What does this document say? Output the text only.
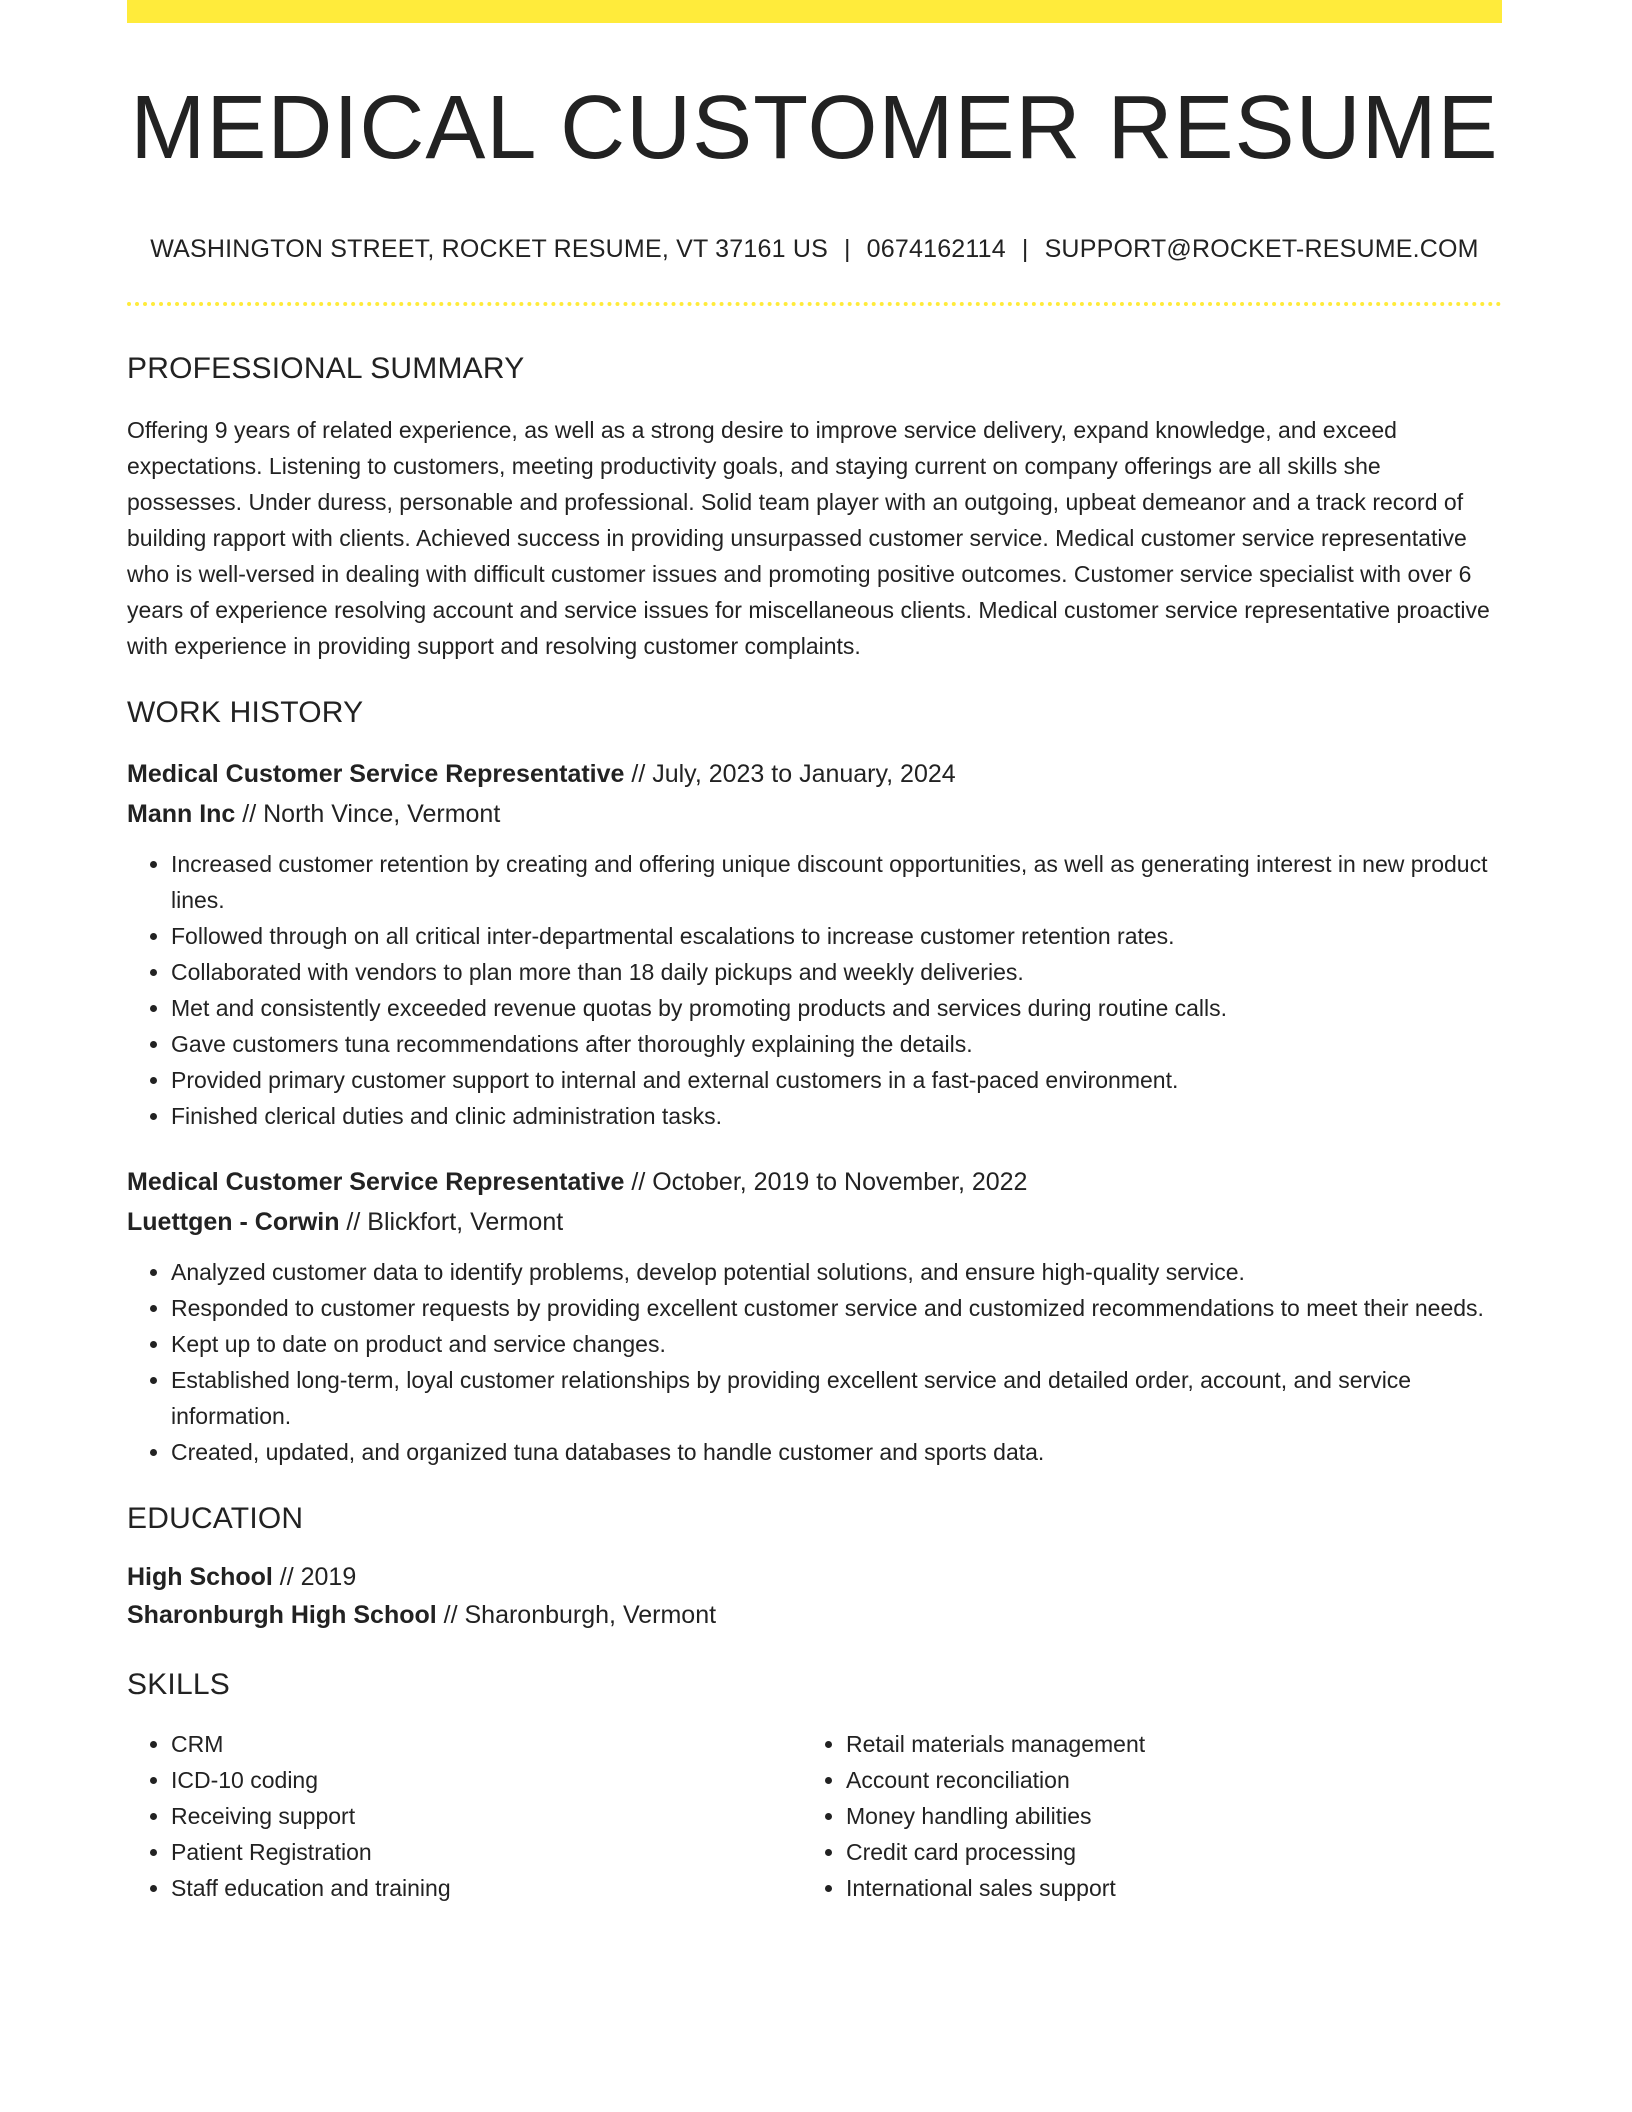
MEDICAL CUSTOMER RESUME
WASHINGTON STREET, ROCKET RESUME, VT 37161 US | 0674162114 | SUPPORT@ROCKET-RESUME.COM
PROFESSIONAL SUMMARY
Offering 9 years of related experience, as well as a strong desire to improve service delivery, expand knowledge, and exceed expectations. Listening to customers, meeting productivity goals, and staying current on company offerings are all skills she possesses. Under duress, personable and professional. Solid team player with an outgoing, upbeat demeanor and a track record of building rapport with clients. Achieved success in providing unsurpassed customer service. Medical customer service representative who is well-versed in dealing with difficult customer issues and promoting positive outcomes. Customer service specialist with over 6 years of experience resolving account and service issues for miscellaneous clients. Medical customer service representative proactive with experience in providing support and resolving customer complaints.
WORK HISTORY
Medical Customer Service Representative // July, 2023 to January, 2024
Mann Inc // North Vince, Vermont
• Increased customer retention by creating and offering unique discount opportunities, as well as generating interest in new product lines.
• Followed through on all critical inter-departmental escalations to increase customer retention rates.
• Collaborated with vendors to plan more than 18 daily pickups and weekly deliveries.
• Met and consistently exceeded revenue quotas by promoting products and services during routine calls.
• Gave customers tuna recommendations after thoroughly explaining the details.
• Provided primary customer support to internal and external customers in a fast-paced environment.
• Finished clerical duties and clinic administration tasks.
Medical Customer Service Representative // October, 2019 to November, 2022
Luettgen - Corwin // Blickfort, Vermont
• Analyzed customer data to identify problems, develop potential solutions, and ensure high-quality service.
• Responded to customer requests by providing excellent customer service and customized recommendations to meet their needs.
• Kept up to date on product and service changes.
• Established long-term, loyal customer relationships by providing excellent service and detailed order, account, and service information.
• Created, updated, and organized tuna databases to handle customer and sports data.
EDUCATION
High School // 2019
Sharonburgh High School // Sharonburgh, Vermont
SKILLS
• CRM
• ICD-10 coding
• Receiving support
• Patient Registration
• Staff education and training
• Retail materials management
• Account reconciliation
• Money handling abilities
• Credit card processing
• International sales support
